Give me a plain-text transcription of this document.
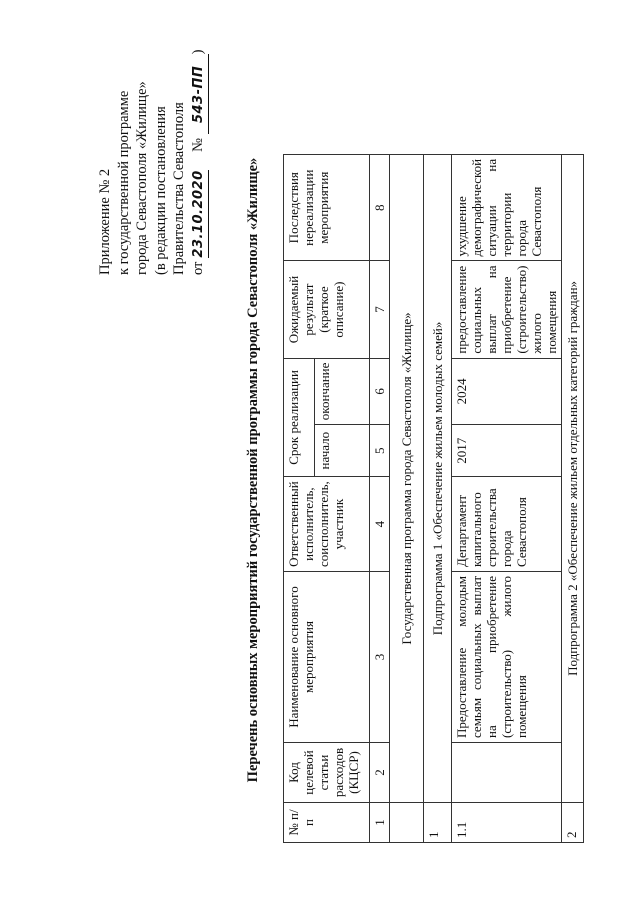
Приложение № 2 к государственной программе города Севастополя «Жилище» (в редакции постановления Правительства Севастополя от 23.10.2020     № 543-ПП)
Перечень основных мероприятий государственной программы города Севастополя «Жилище»
№ п/п	Код целевой статьи расходов (КЦСР)	Наименование основного мероприятия	Ответственный исполнитель, соисполнитель, участник	Срок реализации		Ожидаемый результат (краткое описание)	Последствия нереализации мероприятия
				начало	окончание		
1	2	3	4	5	6	7	8
	Государственная программа города Севастополя «Жилище»						
1	Подпрограмма 1 «Обеспечение жильем молодых семей»						
1.1		Предоставление молодым семьям социальных выплат на приобретение (строительство) жилого помещения	Департамент капитального строительства города Севастополя	2017	2024	предоставление социальных выплат на приобретение (строительство) жилого помещения	ухудшение демографической ситуации на территории города Севастополя
2	Подпрограмма 2 «Обеспечение жильем отдельных категорий граждан»						
